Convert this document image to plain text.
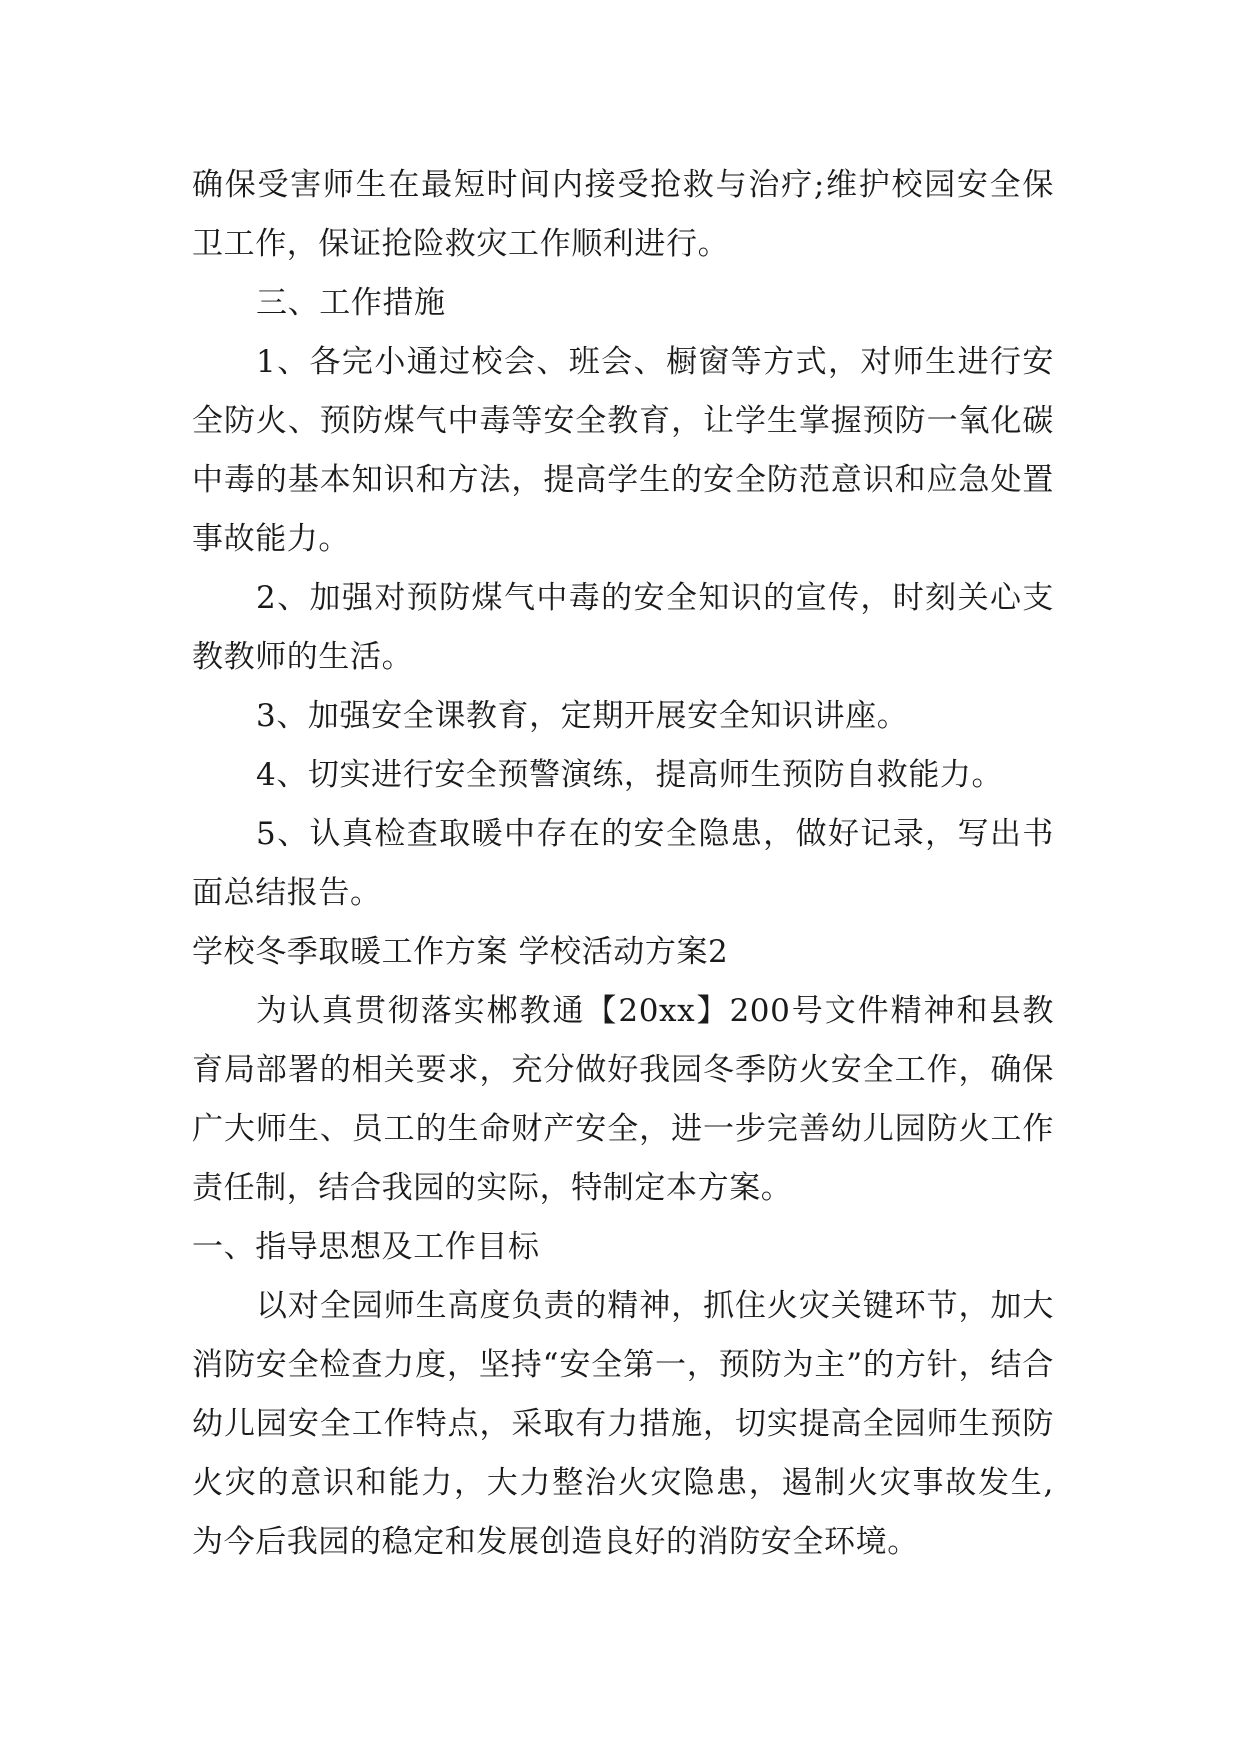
确保受害师生在最短时间内接受抢救与治疗;维护校园安全保卫工作，保证抢险救灾工作顺利进行。

三、工作措施

1、各完小通过校会、班会、橱窗等方式，对师生进行安全防火、预防煤气中毒等安全教育，让学生掌握预防一氧化碳中毒的基本知识和方法，提高学生的安全防范意识和应急处置事故能力。

2、加强对预防煤气中毒的安全知识的宣传，时刻关心支教教师的生活。

3、加强安全课教育，定期开展安全知识讲座。

4、切实进行安全预警演练，提高师生预防自救能力。

5、认真检查取暖中存在的安全隐患，做好记录，写出书面总结报告。

学校冬季取暖工作方案 学校活动方案2

为认真贯彻落实郴教通【20xx】200号文件精神和县教育局部署的相关要求，充分做好我园冬季防火安全工作，确保广大师生、员工的生命财产安全，进一步完善幼儿园防火工作责任制，结合我园的实际，特制定本方案。

一、指导思想及工作目标

以对全园师生高度负责的精神，抓住火灾关键环节，加大消防安全检查力度，坚持“安全第一，预防为主”的方针，结合幼儿园安全工作特点，采取有力措施，切实提高全园师生预防火灾的意识和能力，大力整治火灾隐患，遏制火灾事故发生,为今后我园的稳定和发展创造良好的消防安全环境。
